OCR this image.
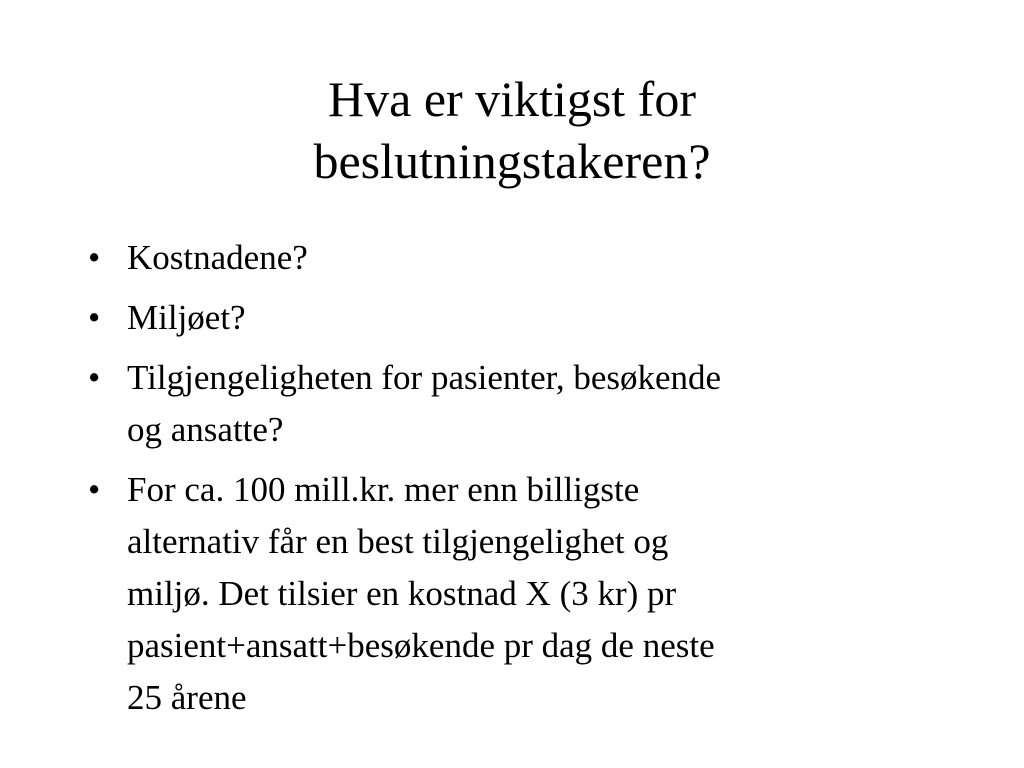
Hva er viktigst for
beslutningstakeren?
• Kostnadene?
• Miljøet?
• Tilgjengeligheten for pasienter, besøkende
og ansatte?
• For ca. 100 mill.kr. mer enn billigste
alternativ får en best tilgjengelighet og
miljø. Det tilsier en kostnad X (3 kr) pr
pasient+ansatt+besøkende pr dag de neste
25 årene
